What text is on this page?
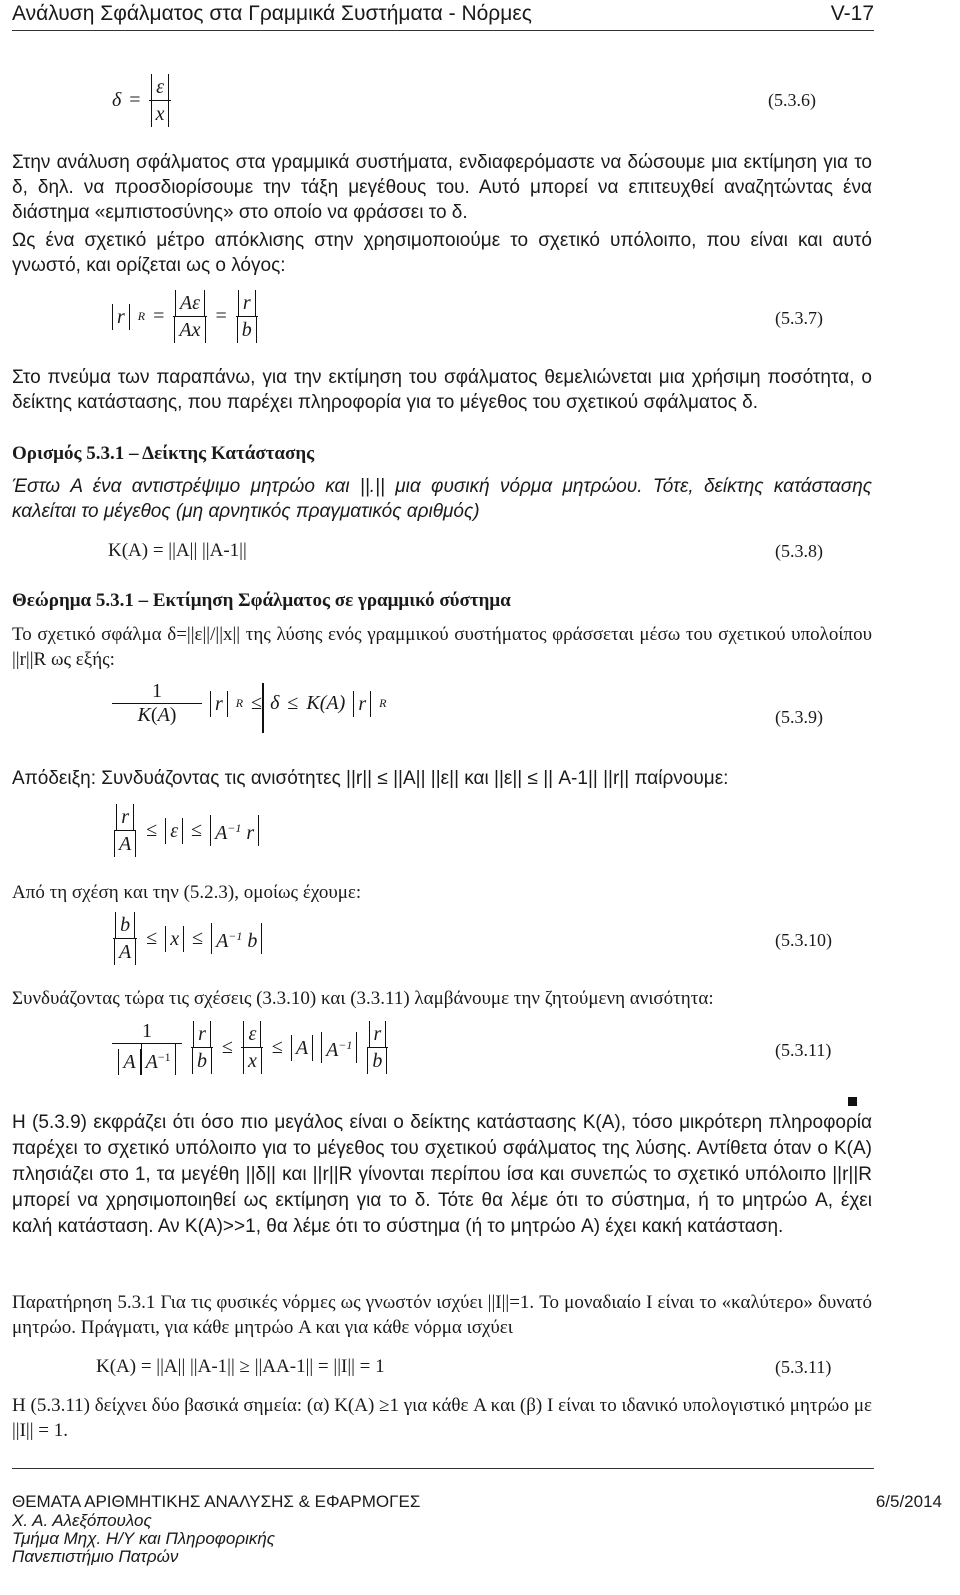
Ανάλυση Σφάλματος στα Γραμμικά Συστήματα - Νόρμες	V-17
$\delta = \frac{\varepsilon}{x}$	(5.3.6)
Στην ανάλυση σφάλματος στα γραμμικά συστήματα, ενδιαφερόμαστε να δώσουμε μια εκτίμηση για το δ, δηλ. να προσδιορίσουμε την τάξη μεγέθους του. Αυτό μπορεί να επιτευχθεί αναζητώντας ένα διάστημα «εμπιστοσύνης» στο οποίο να φράσσει το δ.
Ως ένα σχετικό μέτρο απόκλισης στην χρησιμοποιούμε το σχετικό υπόλοιπο, που είναι και αυτό γνωστό, και ορίζεται ως ο λόγος:
r	$R = \frac{A\varepsilon}{Ax} = \frac{r}{b}$	(5.3.7)
Στο πνεύμα των παραπάνω, για την εκτίμηση του σφάλματος θεμελιώνεται μια χρήσιμη ποσότητα, ο δείκτης κατάστασης, που παρέχει πληροφορία για το μέγεθος του σχετικού σφάλματος δ.
Ορισμός 5.3.1 – Δείκτης Κατάστασης
Έστω A ένα αντιστρέψιμο μητρώο και ||.|| μια φυσική νόρμα μητρώου. Τότε, δείκτης κατάστασης καλείται το μέγεθος (μη αρνητικός πραγματικός αριθμός)
K(A) = ||A|| ||A-1||	(5.3.8)
Θεώρημα 5.3.1 – Εκτίμηση Σφάλματος σε γραμμικό σύστημα
Το σχετικό σφάλμα δ=||ε||/||x|| της λύσης ενός γραμμικού συστήματος φράσσεται μέσω του σχετικού υπολοίπου ||r||R ως εξής:
$\frac{1}{K(A)}$ r	R ≤ δ ≤ K(A) r	R
(5.3.9)
Απόδειξη: Συνδυάζοντας τις ανισότητες ||r|| ≤ ||A|| ||ε|| και ||ε|| ≤ || A-1|| ||r|| παίρνουμε:
$\frac{r}{A} \le \varepsilon \le A^{-1}$ r
Από τη σχέση και την (5.2.3), ομοίως έχουμε:
$\frac{b}{A} \le x \le A^{-1}$ b	(5.3.10)
Συνδυάζοντας τώρα τις σχέσεις (3.3.10) και (3.3.11) λαμβάνουμε την ζητούμενη ανισότητα:
$\frac{1}{A A^{-1}} \frac{r}{b} \le \frac{\varepsilon}{x} \le A$ $A^{-1} \frac{r}{b}$	(5.3.11)
Η (5.3.9) εκφράζει ότι όσο πιο μεγάλος είναι ο δείκτης κατάστασης K(A), τόσο μικρότερη πληροφορία παρέχει το σχετικό υπόλοιπο για το μέγεθος του σχετικού σφάλματος της λύσης. Αντίθετα όταν ο K(A) πλησιάζει στο 1, τα μεγέθη ||δ|| και ||r||R γίνονται περίπου ίσα και συνεπώς το σχετικό υπόλοιπο ||r||R μπορεί να χρησιμοποιηθεί ως εκτίμηση για το δ. Τότε θα λέμε ότι το σύστημα, ή το μητρώο A, έχει καλή κατάσταση. Αν K(A)>>1, θα λέμε ότι το σύστημα (ή το μητρώο A) έχει κακή κατάσταση.
Παρατήρηση 5.3.1 Για τις φυσικές νόρμες ως γνωστόν ισχύει ||I||=1. Το μοναδιαίο I είναι το «καλύτερο» δυνατό μητρώο. Πράγματι, για κάθε μητρώο A και για κάθε νόρμα ισχύει
K(A) = ||A|| ||A-1|| ≥ ||AA-1|| = ||I|| = 1	(5.3.11)
Η (5.3.11) δείχνει δύο βασικά σημεία: (α) K(A) ≥1 για κάθε A και (β) I είναι το ιδανικό υπολογιστικό μητρώο με ||I|| = 1.
ΘΕΜΑΤΑ ΑΡΙΘΜΗΤΙΚΗΣ ΑΝΑΛΥΣΗΣ & ΕΦΑΡΜΟΓΕΣ	6/5/2014
Χ. Α. Αλεξόπουλος
Τμήμα Μηχ. Η/Υ και Πληροφορικής
Πανεπιστήμιο Πατρών
